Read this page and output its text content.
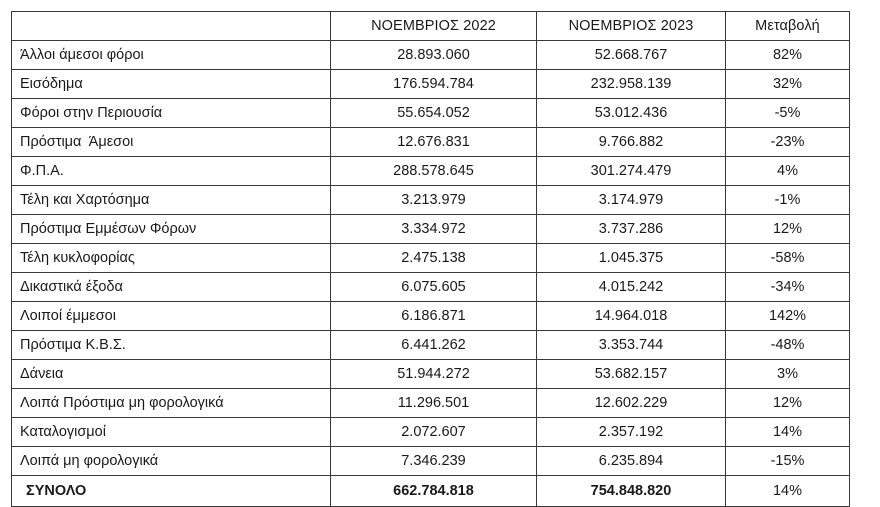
	ΝΟΕΜΒΡΙΟΣ 2022	ΝΟΕΜΒΡΙΟΣ 2023	Μεταβολή
Άλλοι άμεσοι φόροι	28.893.060	52.668.767	82%
Εισόδημα	176.594.784	232.958.139	32%
Φόροι στην Περιουσία	55.654.052	53.012.436	-5%
Πρόστιμα  Άμεσοι	12.676.831	9.766.882	-23%
Φ.Π.Α.	288.578.645	301.274.479	4%
Τέλη και Χαρτόσημα	3.213.979	3.174.979	-1%
Πρόστιμα Εμμέσων Φόρων	3.334.972	3.737.286	12%
Τέλη κυκλοφορίας	2.475.138	1.045.375	-58%
Δικαστικά έξοδα	6.075.605	4.015.242	-34%
Λοιποί έμμεσοι	6.186.871	14.964.018	142%
Πρόστιμα Κ.Β.Σ.	6.441.262	3.353.744	-48%
Δάνεια	51.944.272	53.682.157	3%
Λοιπά Πρόστιμα μη φορολογικά	11.296.501	12.602.229	12%
Καταλογισμοί	2.072.607	2.357.192	14%
Λοιπά μη φορολογικά	7.346.239	6.235.894	-15%
ΣΥΝΟΛΟ	662.784.818	754.848.820	14%
